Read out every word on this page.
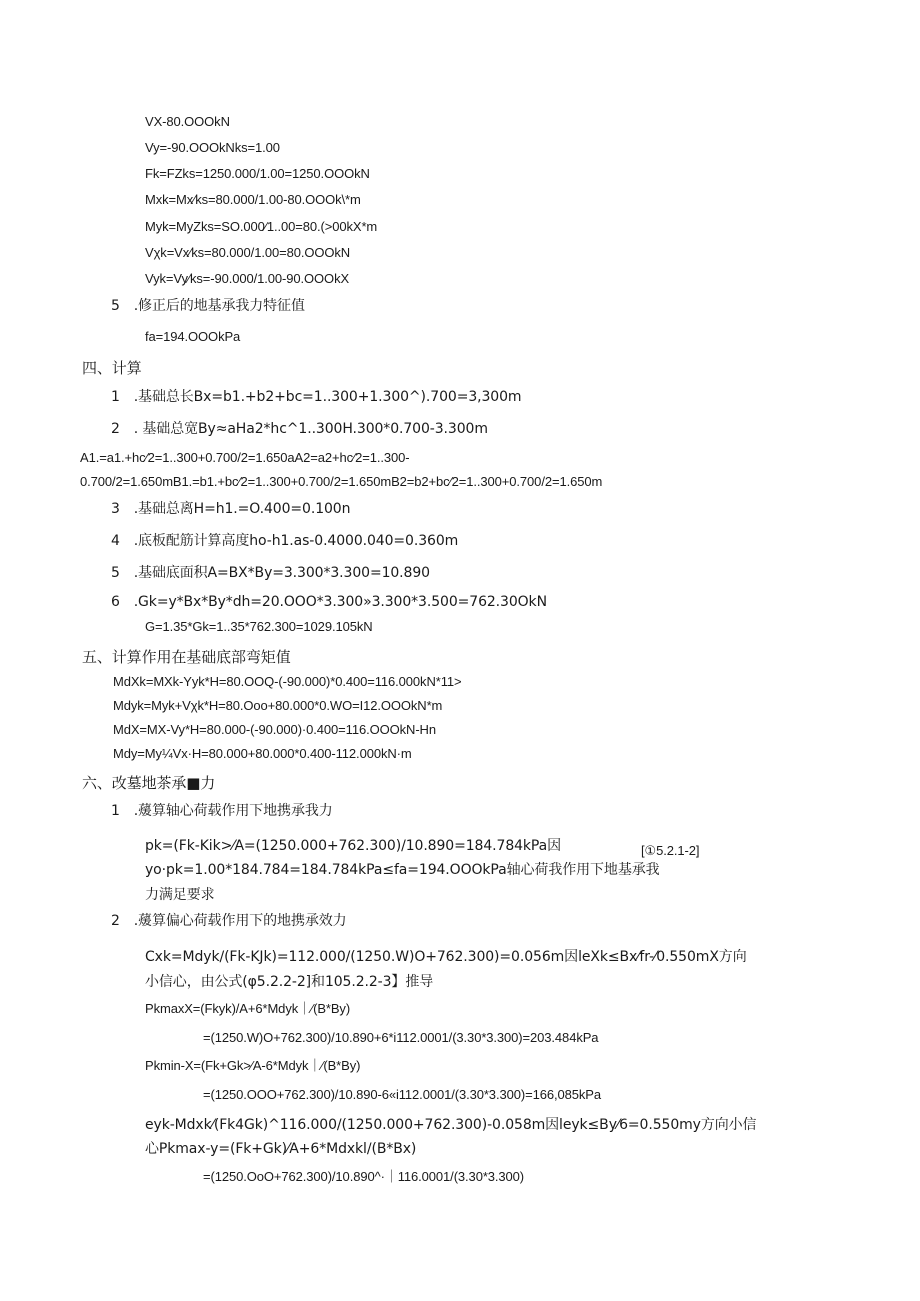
VX-80.OOOkN
Vy=-90.OOOkNks=1.00
Fk=FZks=1250.000/1.00=1250.OOOkN
Mxk=Mx⁄ks=80.000/1.00-80.OOOk\*m
Myk=MyZks=SO.000⁄1..00=80.(>00kX*m
Vχk=Vx⁄ks=80.000/1.00=80.OOOkN
Vyk=Vy⁄ks=-90.000/1.00-90.OOOkX
5　.修正后的地基承我力特征值
fa=194.OOOkPa
四、计算
1　.基础总长Bx=b1.+b2+bc=1..300+1.300^).700=3,300m
2　. 基础总宽By≈aHa2*hc^1..300H.300*0.700-3.300m
A1.=a1.+hc⁄2=1..300+0.700/2=1.650aA2=a2+hc⁄2=1..300-
0.700/2=1.650mB1.=b1.+bc⁄2=1..300+0.700/2=1.650mB2=b2+bc⁄2=1..300+0.700/2=1.650m
3　.基础总离H=h1.=O.400=0.100n
4　.底板配筋计算高度ho-h1.as-0.4000.040=0.360m
5　.基础底面积A=BX*By=3.300*3.300=10.890
6　.Gk=y*Bx*By*dh=20.OOO*3.300»3.300*3.500=762.30OkN
G=1.35*Gk=1..35*762.300=1029.105kN
五、计算作用在基础底部弯矩值
MdXk=MXk-Yyk*H=80.OOQ-(-90.000)*0.400=116.000kN*11>
Mdyk=Myk+Vχk*H=80.Ooo+80.000*0.WO=I12.OOOkN*m
MdX=MX-Vy*H=80.000-(-90.000)·0.400=116.OOOkN-Hn
Mdy=My¼Vx·H=80.000+80.000*0.400-112.000kN·m
六、改墓地茶承■力
1　.蕿算轴心荷载作用下地携承我力
pk=(Fk-Kik>⁄A=(1250.000+762.300)/10.890=184.784kPa因	[①5.2.1-2]
yo·pk=1.00*184.784=184.784kPa≤fa=194.OOOkPa轴心荷我作用下地基承我
力满足要求
2　.蕿算偏心荷载作用下的地携承效力
Cxk=Mdyk/(Fk-KJk)=112.000/(1250.W)O+762.300)=0.056m因leXk≤Bx⁄fr-⁄0.550mX方向
小信心，由公式(φ5.2.2-2]和105.2.2-3】推导
PkmaxX=(Fkyk)/A+6*Mdyk｜⁄(B*By)
=(1250.W)O+762.300)/10.890+6*i112.0001/(3.30*3.300)=203.484kPa
Pkmin-X=(Fk+Gk>⁄A-6*Mdyk｜⁄(B*By)
=(1250.OOO+762.300)/10.890-6«i112.0001/(3.30*3.300)=166,085kPa
eyk-Mdxk⁄(Fk4Gk)^116.000/(1250.000+762.300)-0.058m因leyk≤By⁄6=0.550my方向小信
心Pkmax-y=(Fk+Gk)⁄A+6*Mdxkl/(B*Bx)
=(1250.OoO+762.300)/10.890^·｜116.0001/(3.30*3.300)
